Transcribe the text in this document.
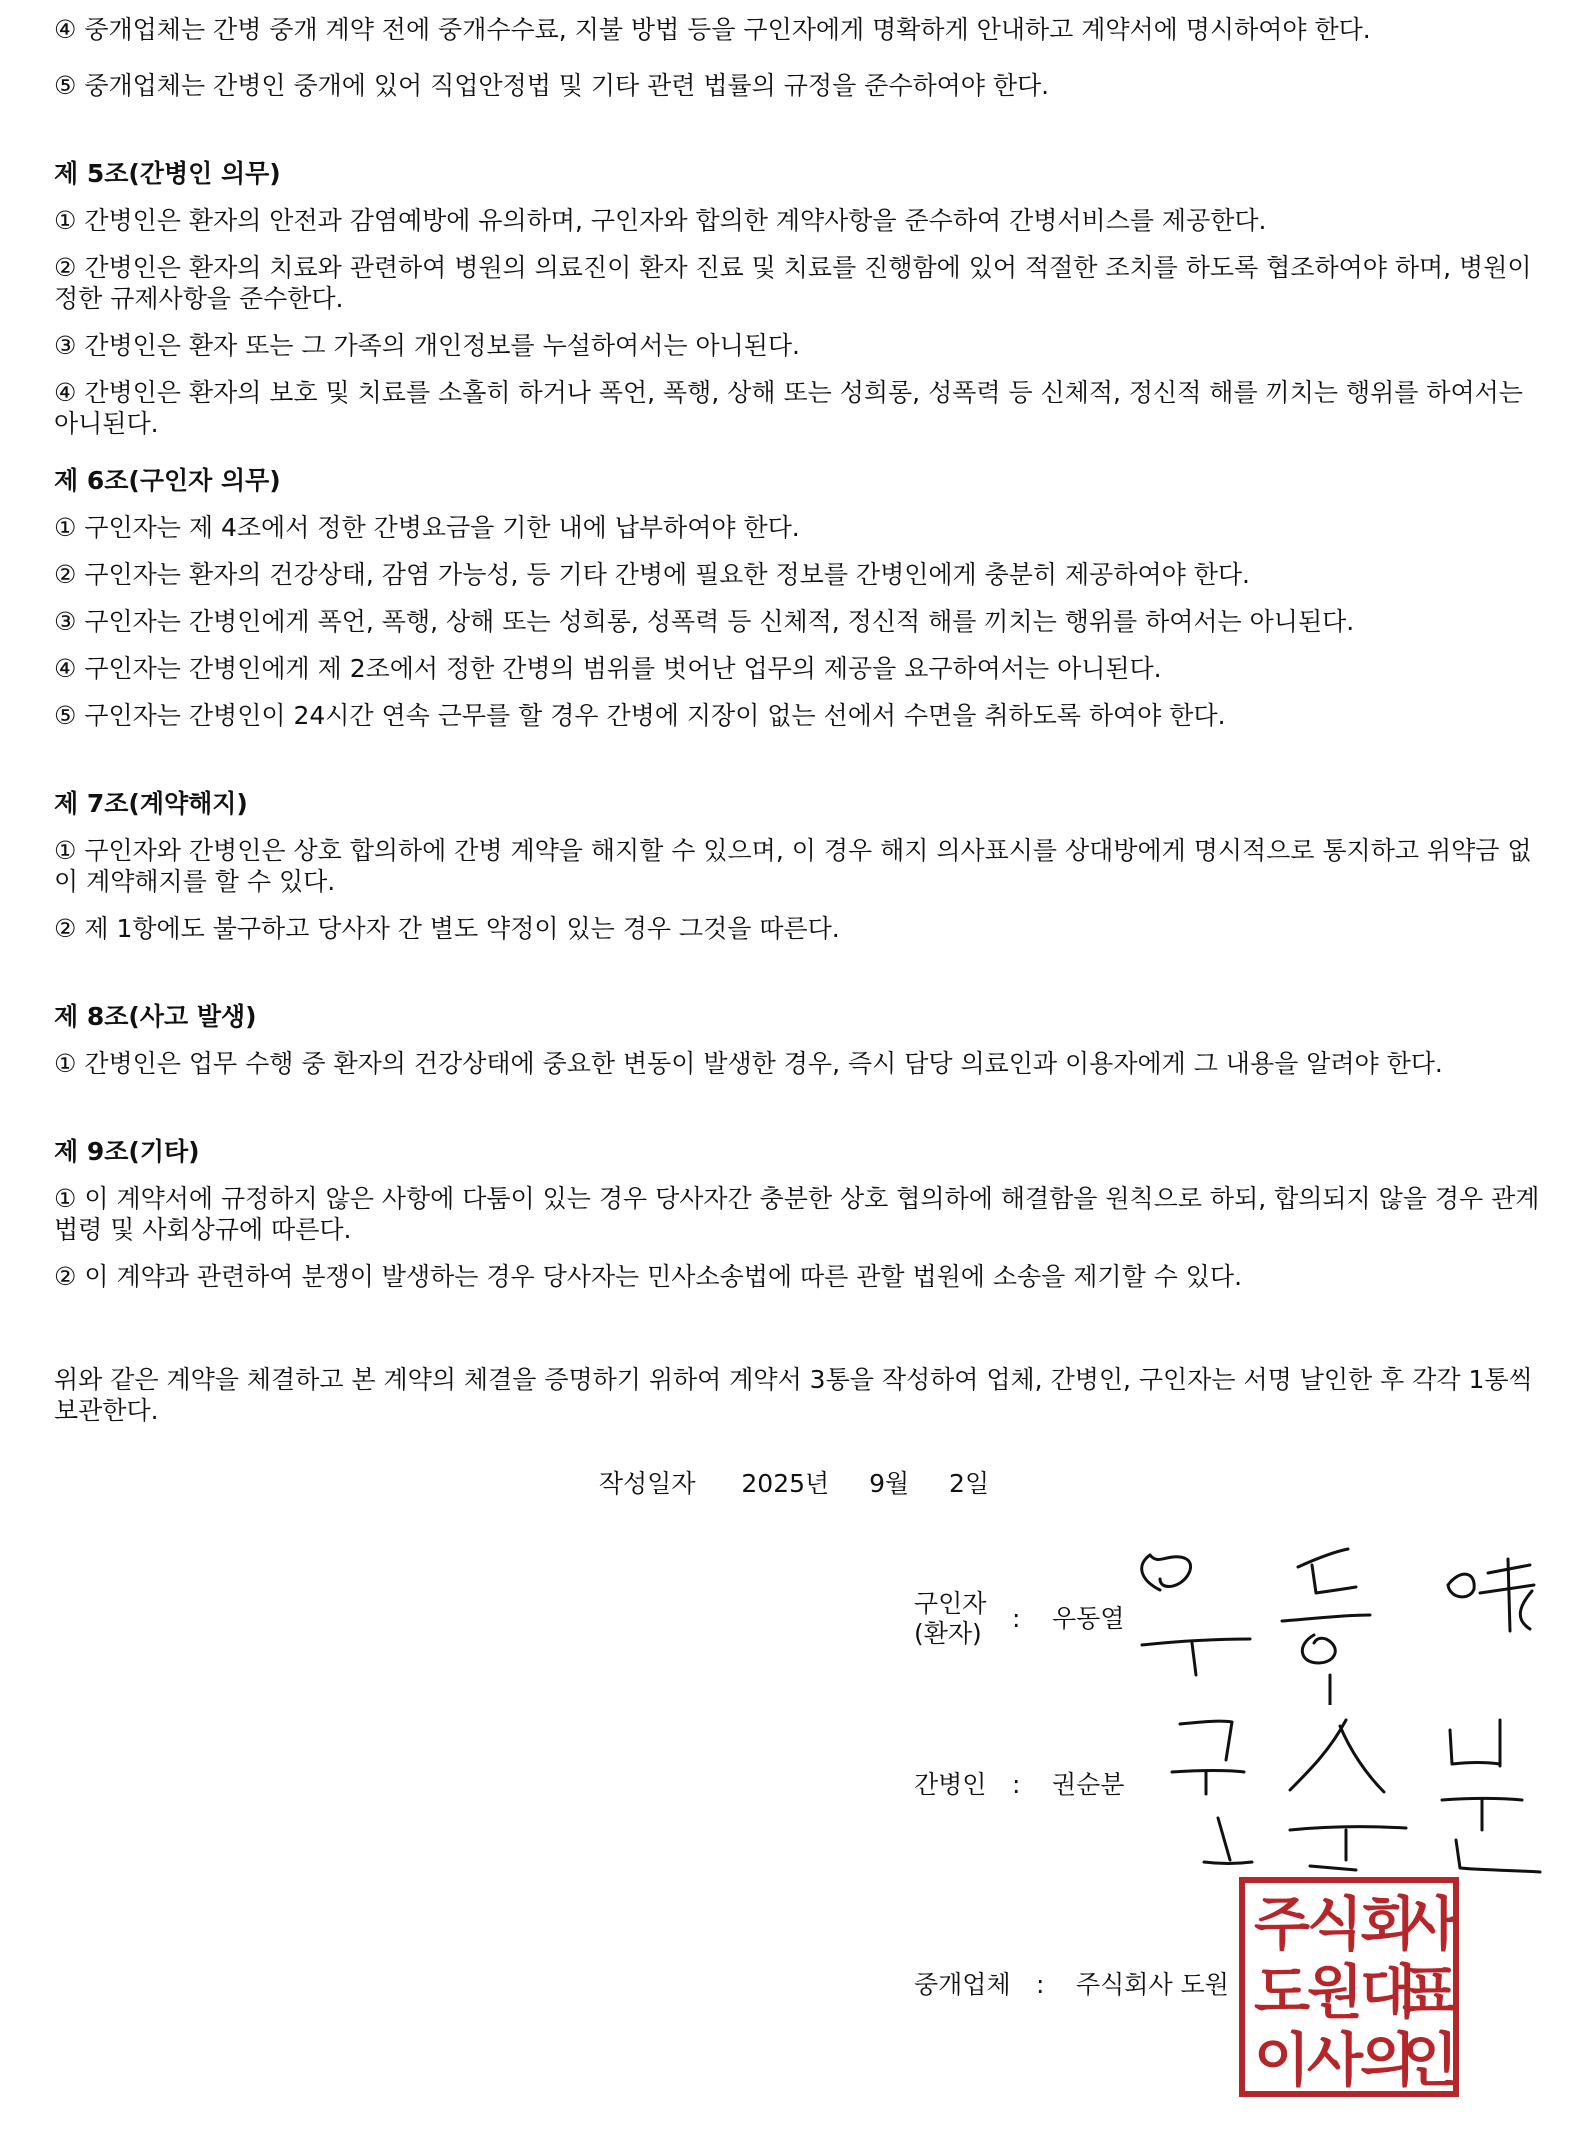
④ 중개업체는 간병 중개 계약 전에 중개수수료, 지불 방법 등을 구인자에게 명확하게 안내하고 계약서에 명시하여야 한다.
⑤ 중개업체는 간병인 중개에 있어 직업안정법 및 기타 관련 법률의 규정을 준수하여야 한다.
제 5조(간병인 의무)
① 간병인은 환자의 안전과 감염예방에 유의하며, 구인자와 합의한 계약사항을 준수하여 간병서비스를 제공한다.
② 간병인은 환자의 치료와 관련하여 병원의 의료진이 환자 진료 및 치료를 진행함에 있어 적절한 조치를 하도록 협조하여야 하며, 병원이 정한 규제사항을 준수한다.
③ 간병인은 환자 또는 그 가족의 개인정보를 누설하여서는 아니된다.
④ 간병인은 환자의 보호 및 치료를 소홀히 하거나 폭언, 폭행, 상해 또는 성희롱, 성폭력 등 신체적, 정신적 해를 끼치는 행위를 하여서는 아니된다.
제 6조(구인자 의무)
① 구인자는 제 4조에서 정한 간병요금을 기한 내에 납부하여야 한다.
② 구인자는 환자의 건강상태, 감염 가능성, 등 기타 간병에 필요한 정보를 간병인에게 충분히 제공하여야 한다.
③ 구인자는 간병인에게 폭언, 폭행, 상해 또는 성희롱, 성폭력 등 신체적, 정신적 해를 끼치는 행위를 하여서는 아니된다.
④ 구인자는 간병인에게 제 2조에서 정한 간병의 범위를 벗어난 업무의 제공을 요구하여서는 아니된다.
⑤ 구인자는 간병인이 24시간 연속 근무를 할 경우 간병에 지장이 없는 선에서 수면을 취하도록 하여야 한다.
제 7조(계약해지)
① 구인자와 간병인은 상호 합의하에 간병 계약을 해지할 수 있으며, 이 경우 해지 의사표시를 상대방에게 명시적으로 통지하고 위약금 없이 계약해지를 할 수 있다.
② 제 1항에도 불구하고 당사자 간 별도 약정이 있는 경우 그것을 따른다.
제 8조(사고 발생)
① 간병인은 업무 수행 중 환자의 건강상태에 중요한 변동이 발생한 경우, 즉시 담당 의료인과 이용자에게 그 내용을 알려야 한다.
제 9조(기타)
① 이 계약서에 규정하지 않은 사항에 다툼이 있는 경우 당사자간 충분한 상호 협의하에 해결함을 원칙으로 하되, 합의되지 않을 경우 관계 법령 및 사회상규에 따른다.
② 이 계약과 관련하여 분쟁이 발생하는 경우 당사자는 민사소송법에 따른 관할 법원에 소송을 제기할 수 있다.
위와 같은 계약을 체결하고 본 계약의 체결을 증명하기 위하여 계약서 3통을 작성하여 업체, 간병인, 구인자는 서명 날인한 후 각각 1통씩 보관한다.
작성일자 2025년 9월 2일
구인자
(환자)
: 우동열
간병인 : 권순분
중개업체 : 주식회사 도원
주
식
회
사
도
원
대
표
이
사
의
인
